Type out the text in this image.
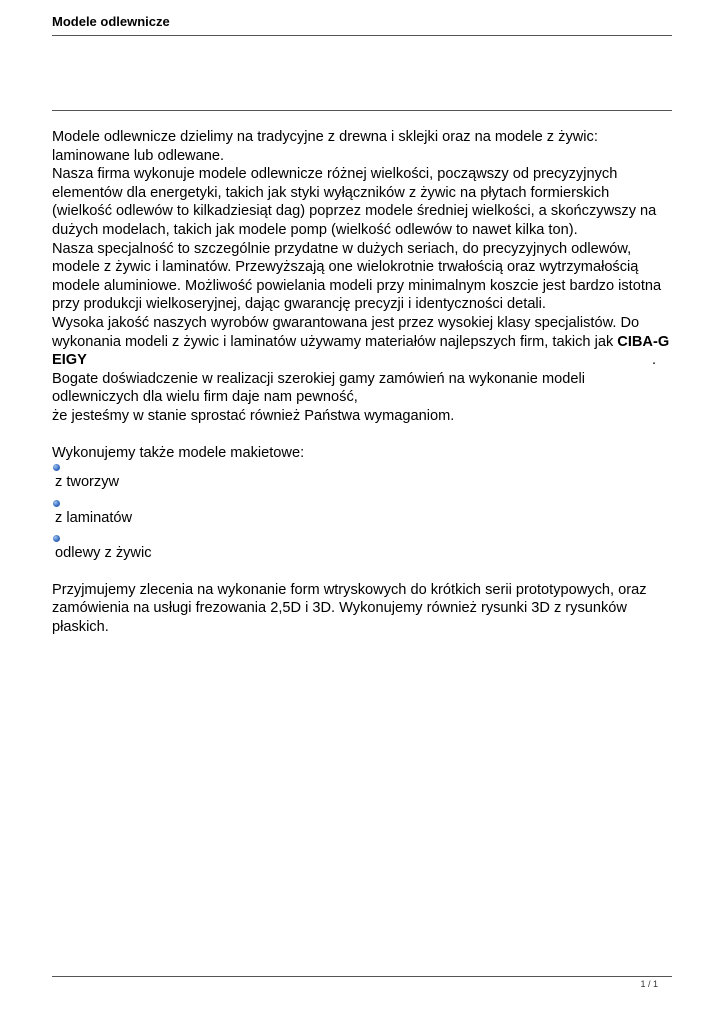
Modele odlewnicze

Modele odlewnicze dzielimy na tradycyjne z drewna i sklejki oraz na modele z żywic:
laminowane lub odlewane.
Nasza firma wykonuje modele odlewnicze różnej wielkości, począwszy od precyzyjnych
elementów dla energetyki, takich jak styki wyłączników z żywic na płytach formierskich
(wielkość odlewów to kilkadziesiąt dag) poprzez modele średniej wielkości, a skończywszy na
dużych modelach, takich jak modele pomp (wielkość odlewów to nawet kilka ton).
Nasza specjalność to szczególnie przydatne w dużych seriach, do precyzyjnych odlewów,
modele z żywic i laminatów. Przewyższają one wielokrotnie trwałością oraz wytrzymałością
modele aluminiowe. Możliwość powielania modeli przy minimalnym koszcie jest bardzo istotna
przy produkcji wielkoseryjnej, dając gwarancję precyzji i identyczności detali.
Wysoka jakość naszych wyrobów gwarantowana jest przez wysokiej klasy specjalistów. Do
wykonania modeli z żywic i laminatów używamy materiałów najlepszych firm, takich jak CIBA-G
EIGY	.
Bogate doświadczenie w realizacji szerokiej gamy zamówień na wykonanie modeli
odlewniczych dla wielu firm daje nam pewność,
że jesteśmy w stanie sprostać również Państwa wymaganiom.

Wykonujemy także modele makietowe:

z tworzyw
z laminatów
odlewy z żywic

Przyjmujemy zlecenia na wykonanie form wtryskowych do krótkich serii prototypowych, oraz
zamówienia na usługi frezowania 2,5D i 3D. Wykonujemy również rysunki 3D z rysunków
płaskich.

1 / 1
